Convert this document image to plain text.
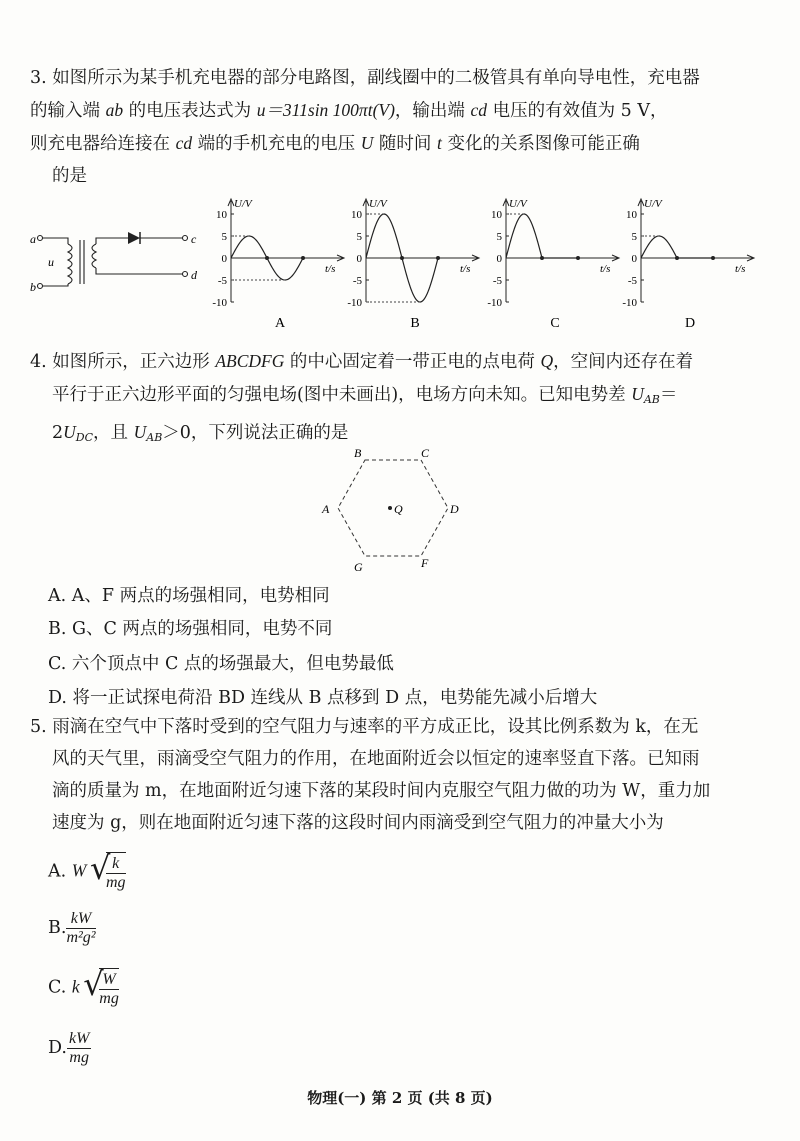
3. 如图所示为某手机充电器的部分电路图，副线圈中的二极管具有单向导电性，充电器

的输入端 ab 的电压表达式为 u＝311sin 100πt(V)，输出端 cd 电压的有效值为 5 V，

则充电器给连接在 cd 端的手机充电的电压 U 随时间 t 变化的关系图像可能正确

的是

a
b
u
c
d
U/V
t/s
10
5
0
-5
-10
A
U/V
t/s
10
5
0
-5
-10
B
U/V
t/s
10
5
0
-5
-10
C
U/V
t/s
10
5
0
-5
-10
D

4. 如图所示，正六边形 ABCDFG 的中心固定着一带正电的点电荷 Q，空间内还存在着

平行于正六边形平面的匀强电场(图中未画出)，电场方向未知。已知电势差 $U_{AB}=$

$2U_{DC}$，且 $U_{AB}>0$，下列说法正确的是

B	C
A	D
G	F
Q
A. A、F 两点的场强相同，电势相同
B. G、C 两点的场强相同，电势不同
C. 六个顶点中 C 点的场强最大，但电势最低
D. 将一正试探电荷沿 BD 连线从 B 点移到 D 点，电势能先减小后增大

5. 雨滴在空气中下落时受到的空气阻力与速率的平方成正比，设其比例系数为 k，在无

风的天气里，雨滴受空气阻力的作用，在地面附近会以恒定的速率竖直下落。已知雨

滴的质量为 m，在地面附近匀速下落的某段时间内克服空气阻力做的功为 W，重力加

速度为 g，则在地面附近匀速下落的这段时间内雨滴受到空气阻力的冲量大小为

A. W √ $\frac{k}{mg}$
B. $\frac{kW}{\text{m²g²}}$
C. k √ $\frac{W}{mg}$
D. $\frac{kW}{mg}$
物理(一) 第 2 页 (共 8 页)
